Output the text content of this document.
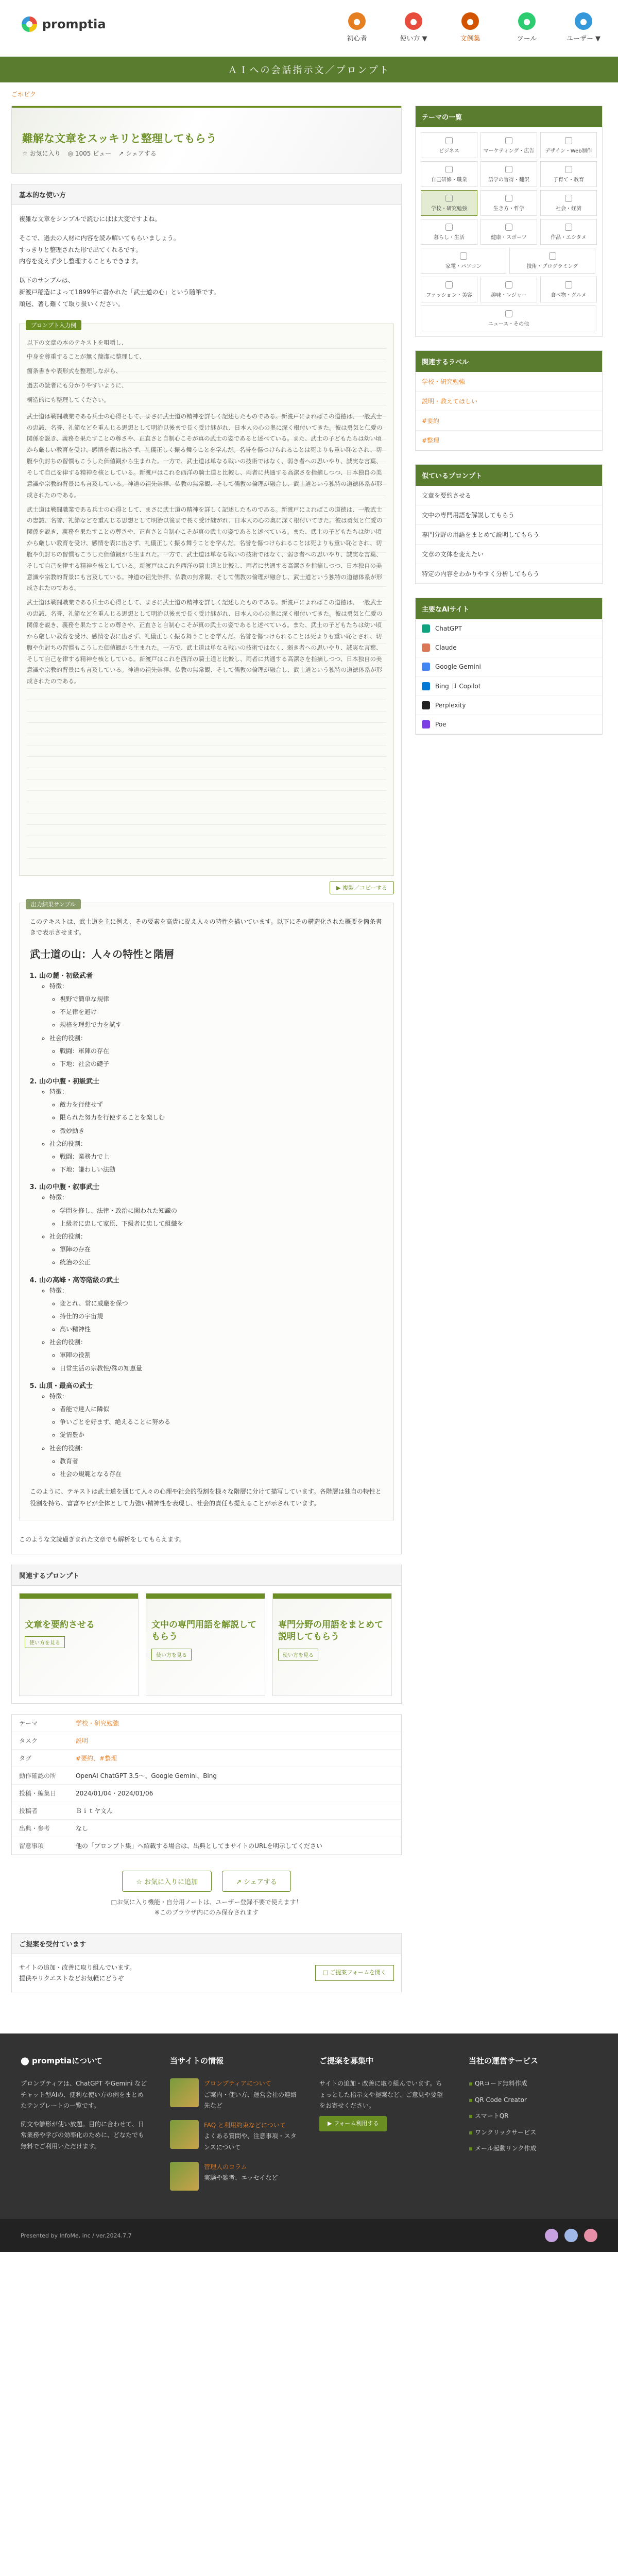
promptia	●
初心者
●
使い方 ▼
●
文例集
●
ツール
●
ユーザー ▼
ＡＩへの会話指示文／プロンプト
ごホピク
難解な文章をスッキリと整理してもらう
☆ お気に入り ◎ 1005 ビュー ↗ シェアする
基本的な使い方

複雑な文章をシンプルで読むにはは大変ですよね。

そこで、過去の人材に内容を読み解いてもらいましょう。

すっきりと整理された形で出てくれるです。

内容を変えず少し整理することもできます。

以下のサンプルは、

新渡戸稲造によって1899年に書かれた「武士道の心」という随筆です。

頑迷、著し難くて取り扱いください。

プロンプト入力例

以下の文章の本のテキストを咀嚼し、

中身を尊重することが無く簡潔に整理して、

箇条書きや表形式を整理しながら、

過去の読者にも分かりやすいように、

構造的にも整理してください。

武士道は戦闘職業である兵士の心得として、まさに武士道の精神を詳しく記述したものである。新渡戸によればこの道徳は、一般武士の忠誠、名誉、礼節などを重んじる思想として明治以後まで長く受け継がれ、日本人の心の奥に深く根付いてきた。彼は勇気と仁愛の関係を説き、義務を果たすことの尊さや、正直さと自制心こそが真の武士の姿であると述べている。また、武士の子どもたちは幼い頃から厳しい教育を受け、感情を表に出さず、礼儀正しく振る舞うことを学んだ。名誉を傷つけられることは死よりも重い恥とされ、切腹や仇討ちの習慣もこうした価値観から生まれた。一方で、武士道は単なる戦いの技術ではなく、弱き者への思いやり、誠実な言葉、そして自己を律する精神を核としている。新渡戸はこれを西洋の騎士道と比較し、両者に共通する高潔さを指摘しつつ、日本独自の美意識や宗教的背景にも言及している。神道の祖先崇拝、仏教の無常観、そして儒教の倫理が融合し、武士道という独特の道徳体系が形成されたのである。

武士道は戦闘職業である兵士の心得として、まさに武士道の精神を詳しく記述したものである。新渡戸によればこの道徳は、一般武士の忠誠、名誉、礼節などを重んじる思想として明治以後まで長く受け継がれ、日本人の心の奥に深く根付いてきた。彼は勇気と仁愛の関係を説き、義務を果たすことの尊さや、正直さと自制心こそが真の武士の姿であると述べている。また、武士の子どもたちは幼い頃から厳しい教育を受け、感情を表に出さず、礼儀正しく振る舞うことを学んだ。名誉を傷つけられることは死よりも重い恥とされ、切腹や仇討ちの習慣もこうした価値観から生まれた。一方で、武士道は単なる戦いの技術ではなく、弱き者への思いやり、誠実な言葉、そして自己を律する精神を核としている。新渡戸はこれを西洋の騎士道と比較し、両者に共通する高潔さを指摘しつつ、日本独自の美意識や宗教的背景にも言及している。神道の祖先崇拝、仏教の無常観、そして儒教の倫理が融合し、武士道という独特の道徳体系が形成されたのである。

武士道は戦闘職業である兵士の心得として、まさに武士道の精神を詳しく記述したものである。新渡戸によればこの道徳は、一般武士の忠誠、名誉、礼節などを重んじる思想として明治以後まで長く受け継がれ、日本人の心の奥に深く根付いてきた。彼は勇気と仁愛の関係を説き、義務を果たすことの尊さや、正直さと自制心こそが真の武士の姿であると述べている。また、武士の子どもたちは幼い頃から厳しい教育を受け、感情を表に出さず、礼儀正しく振る舞うことを学んだ。名誉を傷つけられることは死よりも重い恥とされ、切腹や仇討ちの習慣もこうした価値観から生まれた。一方で、武士道は単なる戦いの技術ではなく、弱き者への思いやり、誠実な言葉、そして自己を律する精神を核としている。新渡戸はこれを西洋の騎士道と比較し、両者に共通する高潔さを指摘しつつ、日本独自の美意識や宗教的背景にも言及している。神道の祖先崇拝、仏教の無常観、そして儒教の倫理が融合し、武士道という独特の道徳体系が形成されたのである。

▶ 複製／コピーする
出力結果サンプル

このテキストは、武士道を主に例え、その要素を高貴に捉え人々の特性を描いています。以下にその構造化された概要を箇条書きで表示させます。

武士道の山：人々の特性と階層
1. 山の麓・初級武者
◦ 特徴：
◦ 視野で簡単な規律
◦ 不足律を避け
◦ 規格を理想で力を試す
◦ 社会的役割：
◦ 戦闘：軍陣の存在
◦ 下地：社会の礎子
2. 山の中腹・初級武士
◦ 特徴：
◦ 敵力を行使せず
◦ 限られた努力を行使することを楽しむ
◦ 微妙動き
◦ 社会的役割：
◦ 戦闘：業務力で上
◦ 下地：謙わしい法動
3. 山の中腹・叙事武士
◦ 特徴：
◦ 学問を修し、法律・政治に関われた知識の
◦ 上級者に忠して家臣、下級者に忠して組織を
◦ 社会的役割：
◦ 軍陣の存在
◦ 統治の公正
4. 山の高峰・高等階級の武士
◦ 特徴：
◦ 変とれ、常に威厳を保つ
◦ 持仕的の宇宙規
◦ 高い精神性
◦ 社会的役割：
◦ 軍陣の役割
◦ 日常生活の宗教性/殊の知恵量
5. 山頂・最高の武士
◦ 特徴：
◦ 者能で達人に隣似
◦ 争いごとを好まず、絶えることに努める
◦ 愛情豊か
◦ 社会的役割：
◦ 教育者
◦ 社会の規範となる存在

このように、テキストは武士道を通じて人々の心理や社会的役割を様々な階層に分けて描写しています。各階層は独自の特性と役割を持ち、富富やビが全体として力強い精神性を表現し、社会的責任も提えることが示されています。

このような文読過ぎまれた文章でも解析をしてもらえます。
関連するプロンプト
文章を要約させる
使い方を見る
文中の専門用語を解説してもらう
使い方を見る
専門分野の用語をまとめて説明してもらう
使い方を見る
テーマ	学校・研究勉強
タスク	説明
タグ	#要約、#整理
動作確認の所	OpenAI ChatGPT 3.5〜、Google Gemini、Bing
投稿・編集日	2024/01/04・2024/01/06
投稿者	Ｂｉｔヤ文ん
出典・参考	なし
留意事項	他の「プロンプト集」へ紹載する場合は、出典としてまサイトのURLを明示してください
☆ お気に入りに追加	↗ シェアする
□お気に入り機能・自分用ノートは、ユーザー登録不要で使えます！
※このブラウザ内にのみ保存されます
ご提案を受付ています
サイトの追加・改善に取り組んでいます。
提供やリクエストなどお気軽にどうぞ
□ ご提案フォームを開く
テーマの一覧
ビジネス	マーケティング・広告 デザイン・Web制作
自己研修・職業	語学の習得・翻訳	子育て・教育
学校・研究勉強	生き方・哲学	社会・経済
暮らし・生活	健康・スポーツ	作品・エシタメ
家電・パソコン	技術・プログラミング
ファッション・美容	趣味・レジャー	食べ物・グルメ
ニュース・その他
関連するラベル
学校・研究勉強
説明・教えてほしい
#要約
#整理
似ているプロンプト
文章を要約させる
文中の専門用語を解説してもらう
専門分野の用語をまとめて説明してもらう
文章の文体を変えたい
特定の内容をわかりやすく分析してもらう
主要なAIサイト
ChatGPT
Claude
Google Gemini
Bing 卩 Copilot
Perplexity
Poe
⬤ promptiaについて

プロンプティアは、ChatGPT やGemini などチャット型AIの、便利な使い方の例をまとめたテンプレートの一覧です。

例文や雛形が使い放題。目的に合わせて、日常業務や学びの効率化のために、どなたでも無料でご利用いただけます。

当サイトの情報
プロンプティアについて
ご案内・使い方、運営会社の連絡先など
FAQ と利用約束などについて
よくある質問や、注意事項・スタンスについて
管理人のコラム
実験や雑考、エッセイなど
ご提案を募集中
サイトの追加・改善に取り組んでいます。ちょっとした指示文や提案など、ご意見や要望をお寄せください。
▶ フォーム利用する
当社の運営サービス
▪ QRコード無料作成
▪ QR Code Creator
▪ スマートQR
▪ ワンクリックサービス
▪ メール起動リンク作成
Presented by InfoMe, inc / ver.2024.7.7
